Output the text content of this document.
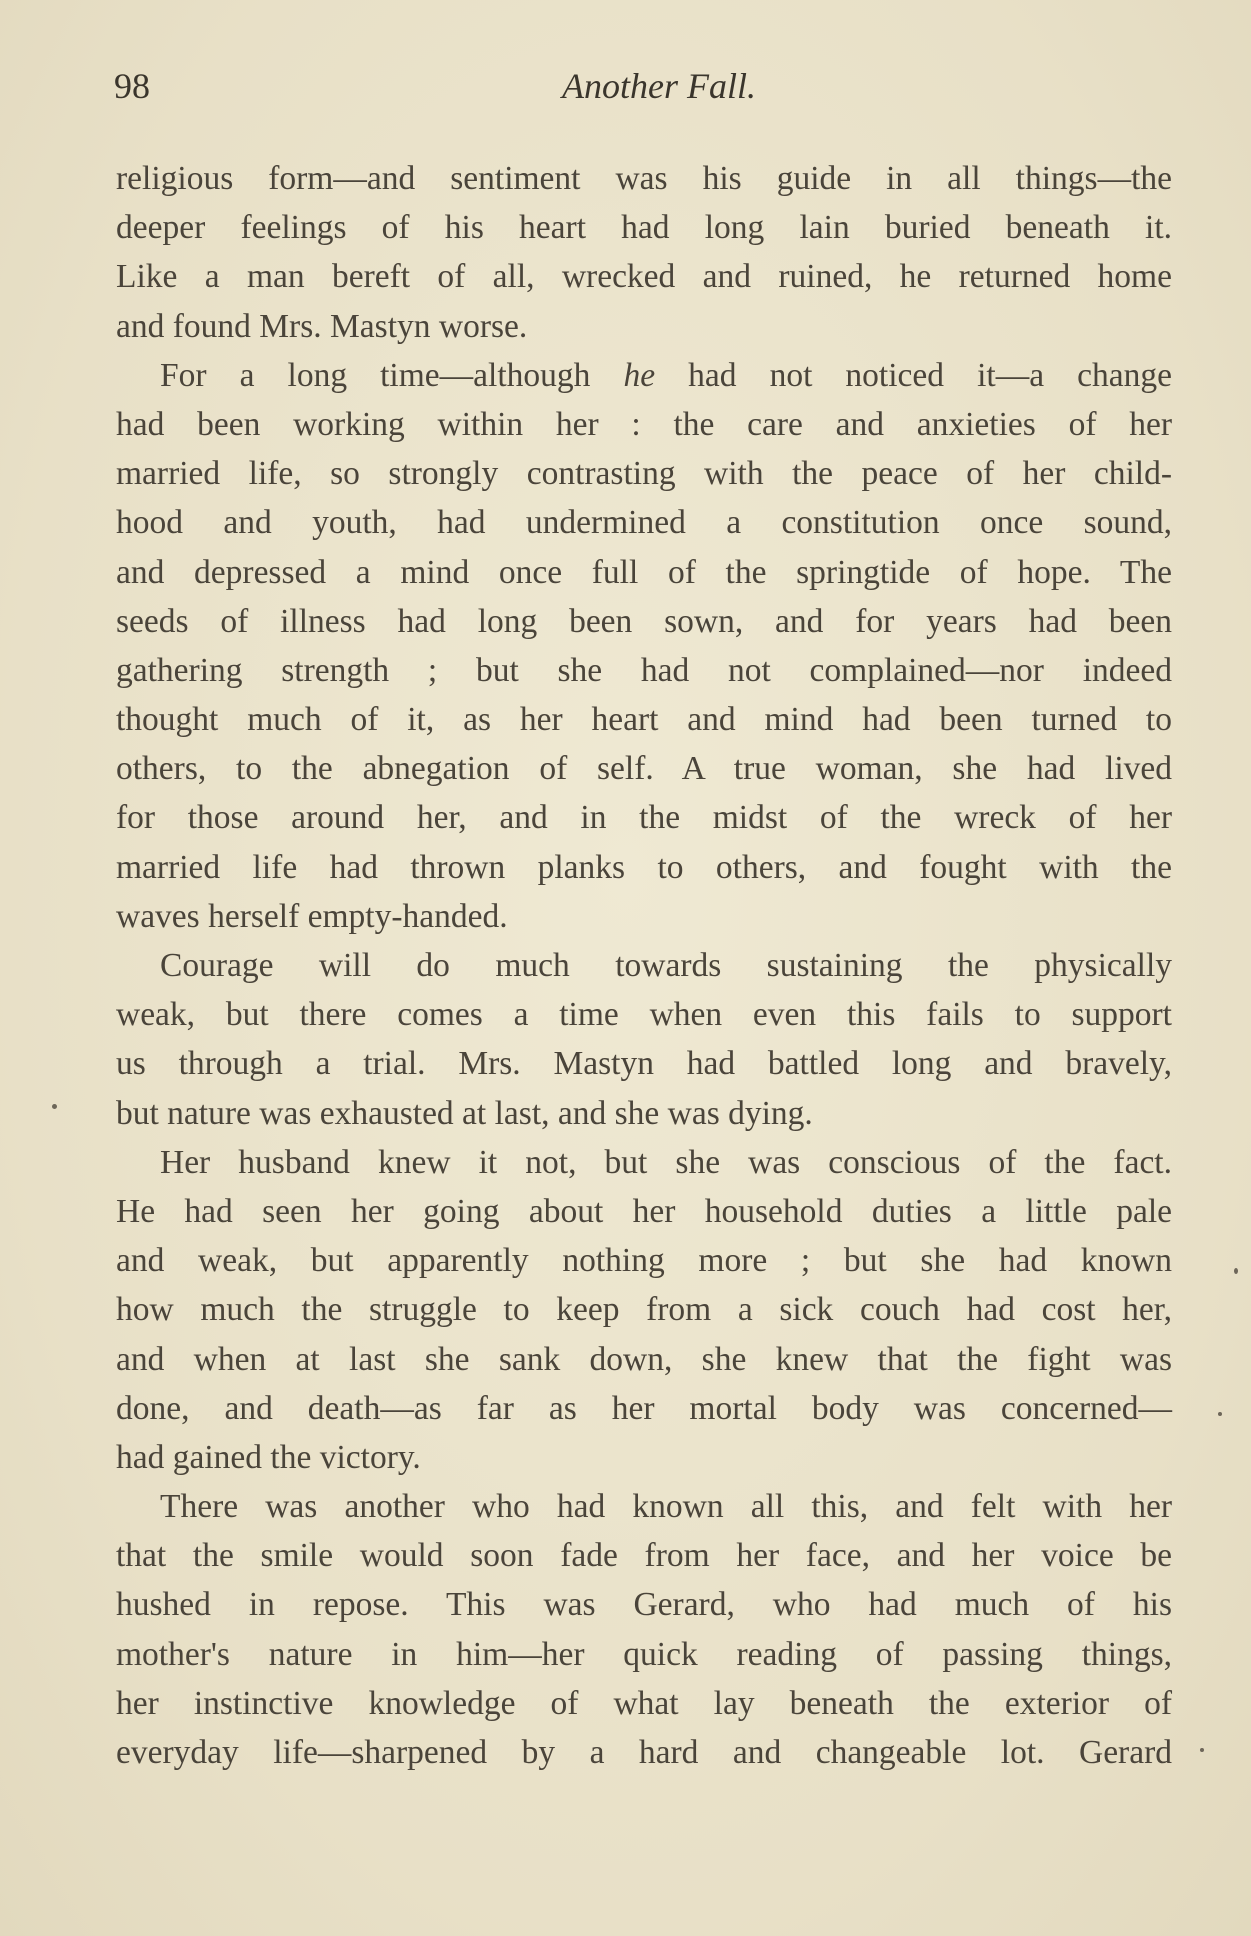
98	Another Fall.
religious form—and sentiment was his guide in all things—the
deeper feelings of his heart had long lain buried beneath it.
Like a man bereft of all, wrecked and ruined, he returned home
and found Mrs. Mastyn worse.
For a long time—although he had not noticed it—a change
had been working within her : the care and anxieties of her
married life, so strongly contrasting with the peace of her child-
hood and youth, had undermined a constitution once sound,
and depressed a mind once full of the springtide of hope. The
seeds of illness had long been sown, and for years had been
gathering strength ; but she had not complained—nor indeed
thought much of it, as her heart and mind had been turned to
others, to the abnegation of self. A true woman, she had lived
for those around her, and in the midst of the wreck of her
married life had thrown planks to others, and fought with the
waves herself empty-handed.
Courage will do much towards sustaining the physically
weak, but there comes a time when even this fails to support
us through a trial. Mrs. Mastyn had battled long and bravely,
but nature was exhausted at last, and she was dying.
Her husband knew it not, but she was conscious of the fact.
He had seen her going about her household duties a little pale
and weak, but apparently nothing more ; but she had known
how much the struggle to keep from a sick couch had cost her,
and when at last she sank down, she knew that the fight was
done, and death—as far as her mortal body was concerned—
had gained the victory.
There was another who had known all this, and felt with her
that the smile would soon fade from her face, and her voice be
hushed in repose. This was Gerard, who had much of his
mother's nature in him—her quick reading of passing things,
her instinctive knowledge of what lay beneath the exterior of
everyday life—sharpened by a hard and changeable lot. Gerard
